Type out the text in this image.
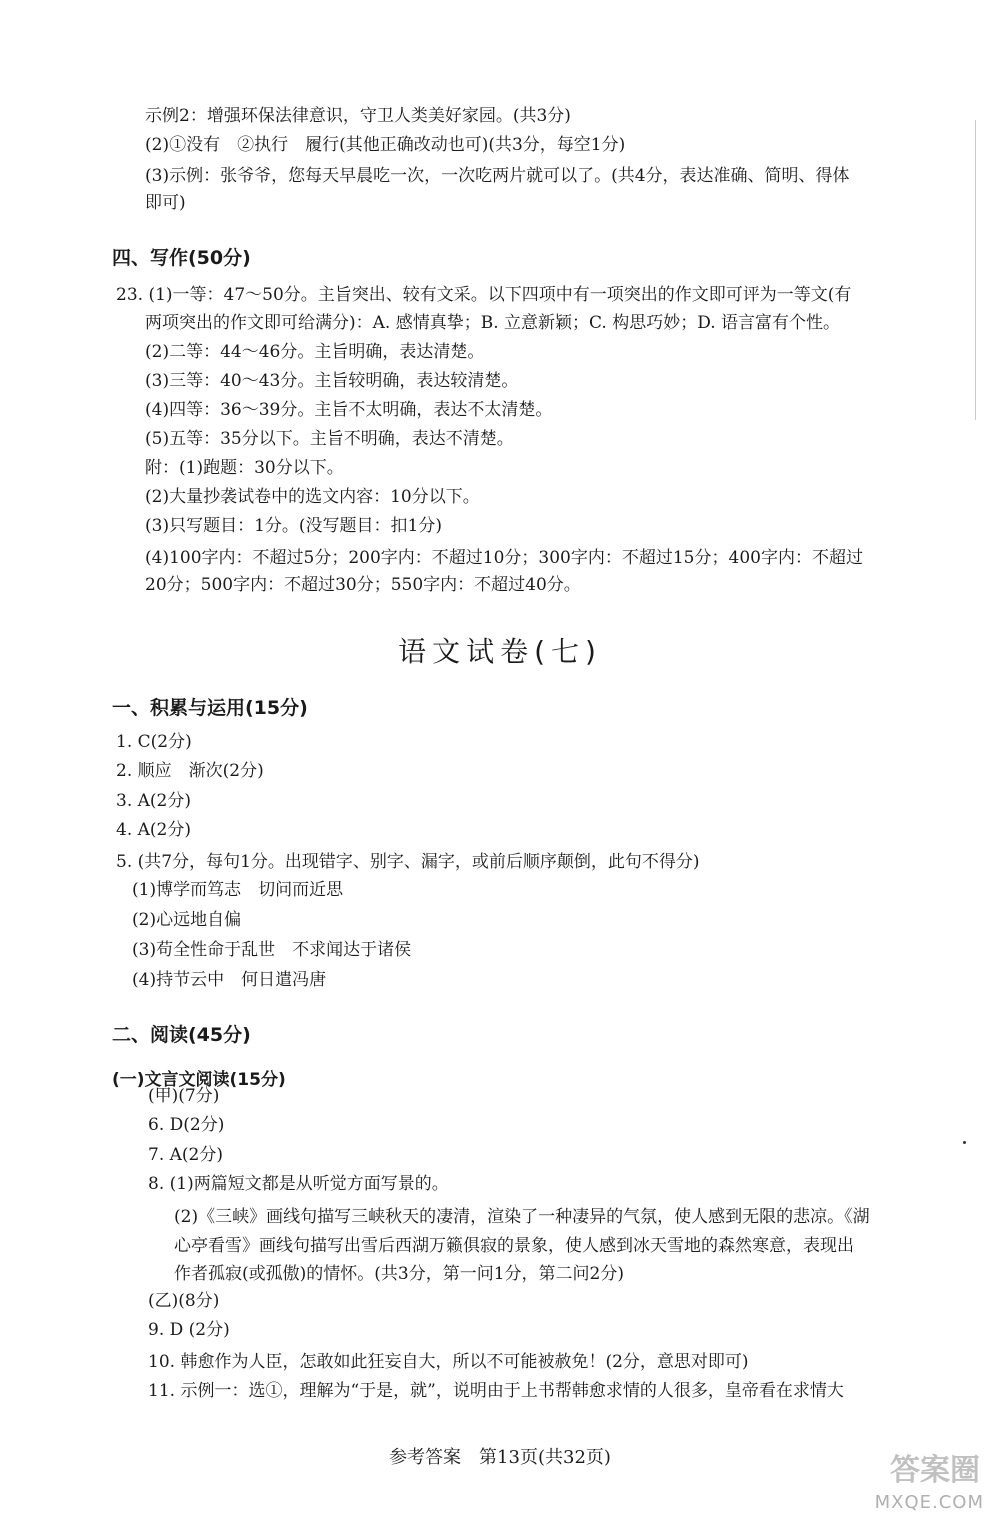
示例2：增强环保法律意识，守卫人类美好家园。(共3分)
(2)①没有　②执行　履行(其他正确改动也可)(共3分，每空1分)
(3)示例：张爷爷，您每天早晨吃一次，一次吃两片就可以了。(共4分，表达准确、简明、得体
即可)
四、写作(50分)
23. (1)一等：47～50分。主旨突出、较有文采。以下四项中有一项突出的作文即可评为一等文(有
两项突出的作文即可给满分)：A. 感情真挚；B. 立意新颖；C. 构思巧妙；D. 语言富有个性。
(2)二等：44～46分。主旨明确，表达清楚。
(3)三等：40～43分。主旨较明确，表达较清楚。
(4)四等：36～39分。主旨不太明确，表达不太清楚。
(5)五等：35分以下。主旨不明确，表达不清楚。
附：(1)跑题：30分以下。
(2)大量抄袭试卷中的选文内容：10分以下。
(3)只写题目：1分。(没写题目：扣1分)
(4)100字内：不超过5分；200字内：不超过10分；300字内：不超过15分；400字内：不超过
20分；500字内：不超过30分；550字内：不超过40分。
语文试卷(七)
一、积累与运用(15分)
1. C(2分)
2. 顺应　渐次(2分)
3. A(2分)
4. A(2分)
5. (共7分，每句1分。出现错字、别字、漏字，或前后顺序颠倒，此句不得分)
(1)博学而笃志　切问而近思
(2)心远地自偏
(3)苟全性命于乱世　不求闻达于诸侯
(4)持节云中　何日遣冯唐
二、阅读(45分)
(一)文言文阅读(15分)
(甲)(7分)
6. D(2分)
7. A(2分)
8. (1)两篇短文都是从听觉方面写景的。
(2)《三峡》画线句描写三峡秋天的凄清，渲染了一种凄异的气氛，使人感到无限的悲凉。《湖
心亭看雪》画线句描写出雪后西湖万籁俱寂的景象，使人感到冰天雪地的森然寒意，表现出
作者孤寂(或孤傲)的情怀。(共3分，第一问1分，第二问2分)
(乙)(8分)
9. D (2分)
10. 韩愈作为人臣，怎敢如此狂妄自大，所以不可能被赦免！(2分，意思对即可)
11. 示例一：选①，理解为“于是，就”，说明由于上书帮韩愈求情的人很多，皇帝看在求情大
参考答案　第13页(共32页)	答案圈
MXQE.COM
